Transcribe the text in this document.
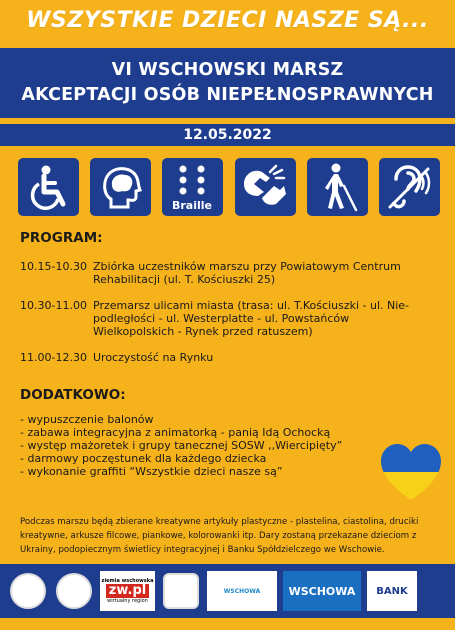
WSZYSTKIE DZIECI NASZE SĄ...
VI WSCHOWSKI MARSZ
AKCEPTACJI OSÓB NIEPEŁNOSPRAWNYCH
12.05.2022
Braille
PROGRAM:
10.15-10.30 Zbiórka uczestników marszu przy Powiatowym Centrum
Rehabilitacji (ul. T. Kościuszki 25)
10.30-11.00 Przemarsz ulicami miasta (trasa: ul. T.Kościuszki - ul. Nie-
podległości - ul. Westerplatte - ul. Powstańców
Wielkopolskich - Rynek przed ratuszem)
11.00-12.30 Uroczystość na Rynku
DODATKOWO:
- wypuszczenie balonów
- zabawa integracyjna z animatorką - panią Idą Ochocką
- występ mażoretek i grupy tanecznej SOSW ,,Wiercipięty”
- darmowy poczęstunek dla każdego dziecka
- wykonanie graffiti “Wszystkie dzieci nasze są”
Podczas marszu będą zbierane kreatywne artykuły plastyczne - plastelina, ciastolina, druciki
kreatywne, arkusze filcowe, piankowe, kolorowanki itp. Dary zostaną przekazane dzieciom z
Ukrainy, podopiecznym świetlicy integracyjnej i Banku Spółdzielczego we Wschowie.
ziemia wschowska
zw.pl
wirtualny region
WSCHOWA	WSCHOWA BANK
